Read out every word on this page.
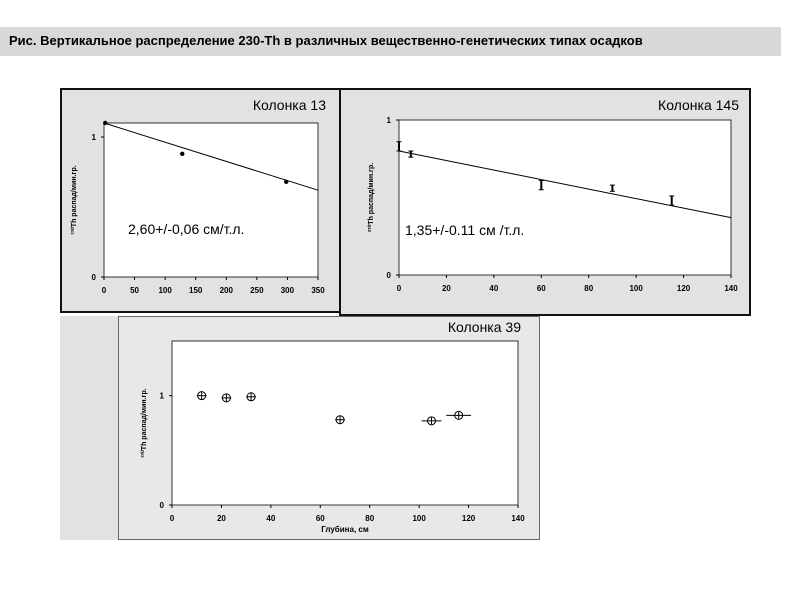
Рис. Вертикальное распределение 230-Th в различных вещественно-генетических типах осадков
Колонка 13
0	50 100 150 200 250 300 350
0
1
²³⁰Th распад/мин.гр.	2,60+/-0,06 см/т.л.
Колонка 145
0	20	40	60	80	100	120	140
0
1
²³⁰Th распад/мин.гр. 1,35+/-0.11 см /т.л.
Колонка 39
0	20	40	60	80	100	120	140
0
1
²³⁰Th распад/мин.гр.
Глубина, см
